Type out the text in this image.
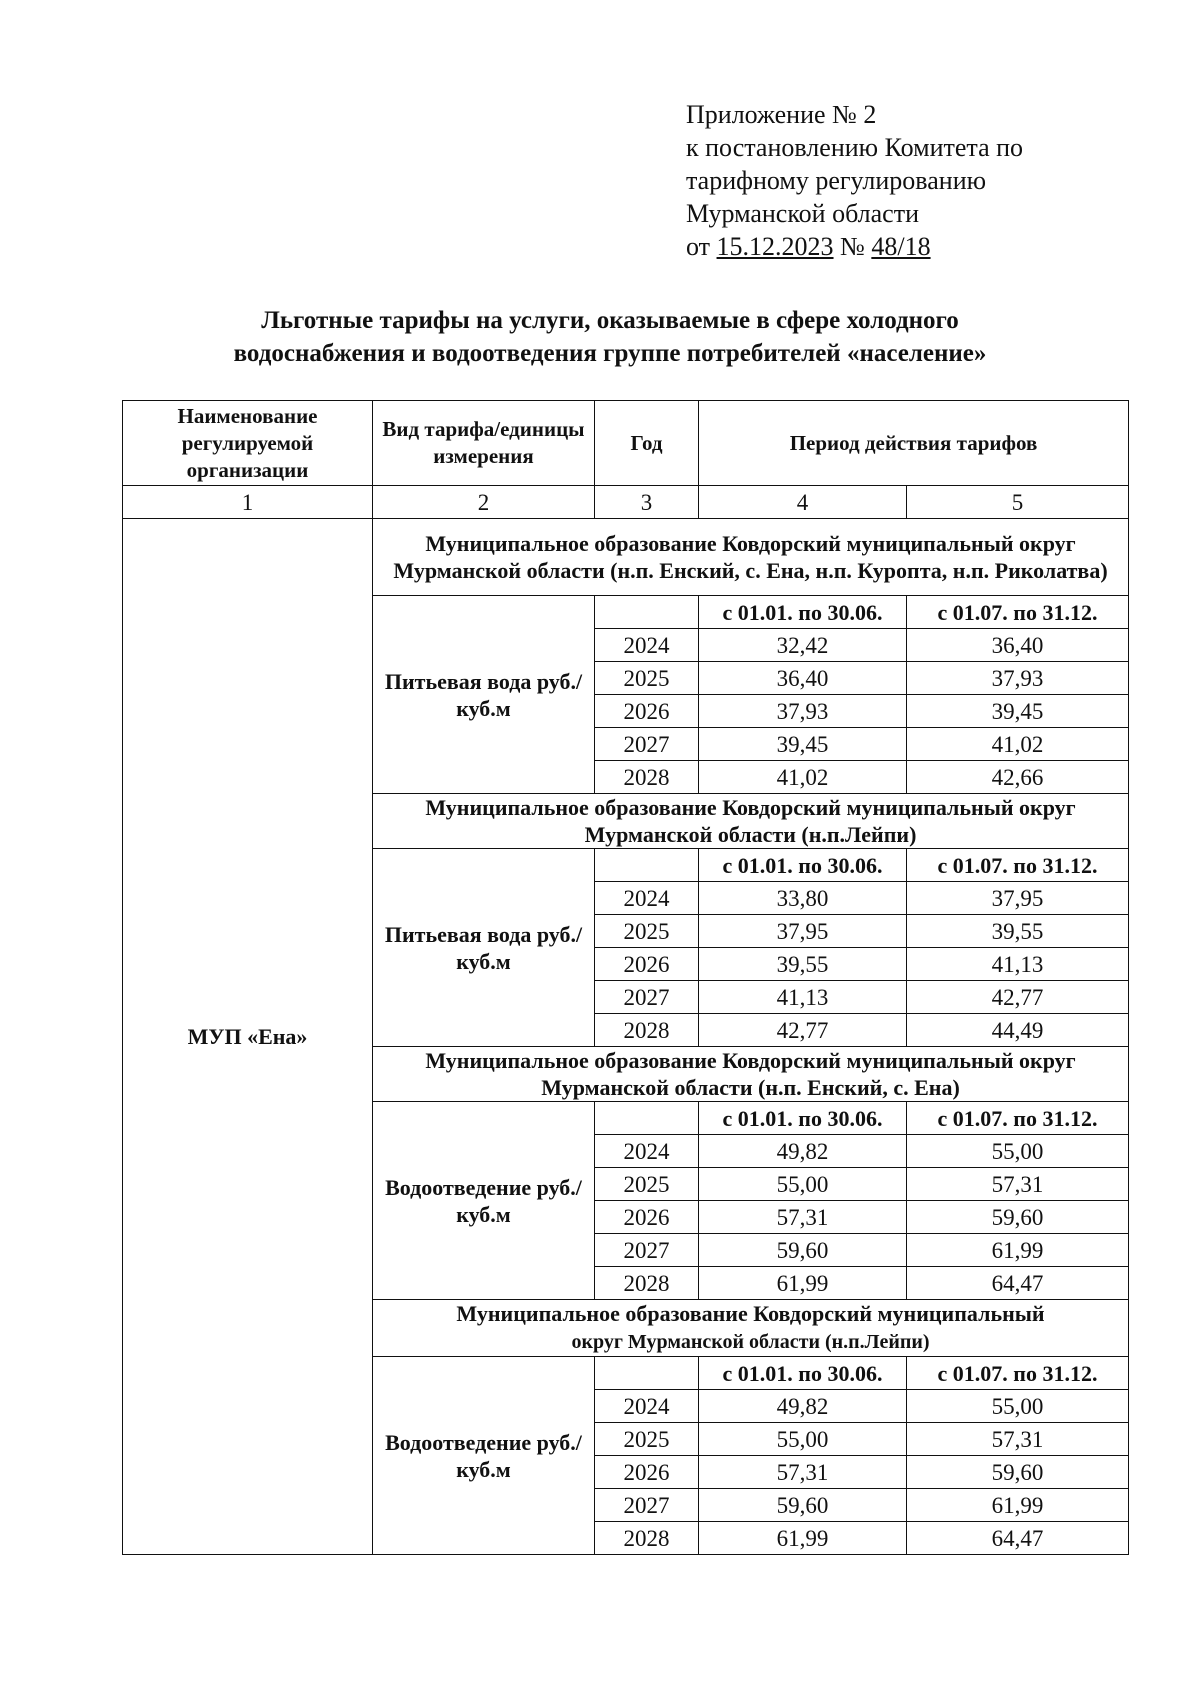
Приложение № 2
к постановлению Комитета по
тарифному регулированию
Мурманской области
от 15.12.2023 № 48/18
Льготные тарифы на услуги, оказываемые в сфере холодного
водоснабжения и водоотведения группе потребителей «население»
Наименование регулируемой организации	Вид тарифа/единицы измерения	Год	Период действия тарифов	
1	2	3	4	5
МУП «Ена»	Муниципальное образование Ковдорский муниципальный округ Мурманской области (н.п. Енский, с. Ена, н.п. Куропта, н.п. Риколатва)			
	Питьевая вода руб./куб.м		с 01.01. по 30.06.	с 01.07. по 31.12.
		2024	32,42	36,40
		2025	36,40	37,93
		2026	37,93	39,45
		2027	39,45	41,02
		2028	41,02	42,66
	Муниципальное образование Ковдорский муниципальный округ Мурманской области (н.п.Лейпи)			
	Питьевая вода руб./куб.м		с 01.01. по 30.06.	с 01.07. по 31.12.
		2024	33,80	37,95
		2025	37,95	39,55
		2026	39,55	41,13
		2027	41,13	42,77
		2028	42,77	44,49
	Муниципальное образование Ковдорский муниципальный округ Мурманской области (н.п. Енский, с. Ена)			
	Водоотведение руб./куб.м		с 01.01. по 30.06.	с 01.07. по 31.12.
		2024	49,82	55,00
		2025	55,00	57,31
		2026	57,31	59,60
		2027	59,60	61,99
		2028	61,99	64,47
	Муниципальное образование Ковдорский муниципальный
округ Мурманской области (н.п.Лейпи)			
	Водоотведение руб./куб.м		с 01.01. по 30.06.	с 01.07. по 31.12.
		2024	49,82	55,00
		2025	55,00	57,31
		2026	57,31	59,60
		2027	59,60	61,99
		2028	61,99	64,47
